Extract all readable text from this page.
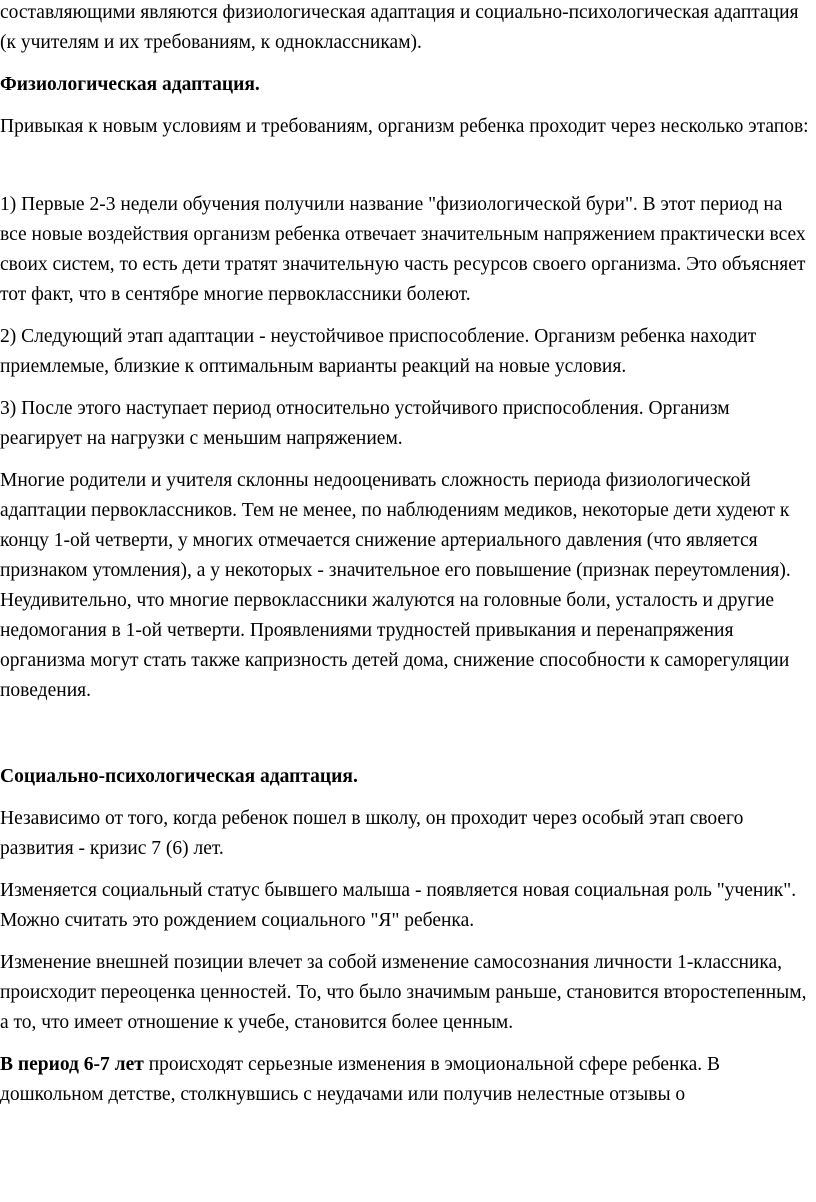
составляющими являются физиологическая адаптация и социально-психологическая адаптация (к учителям и их требованиям, к одноклассникам).

Физиологическая адаптация.

Привыкая к новым условиям и требованиям, организм ребенка проходит через несколько этапов:

1) Первые 2-3 недели обучения получили название "физиологической бури". В этот период на все новые воздействия организм ребенка отвечает значительным напряжением практически всех своих систем, то есть дети тратят значительную часть ресурсов своего организма. Это объясняет тот факт, что в сентябре многие первоклассники болеют.

2) Следующий этап адаптации - неустойчивое приспособление. Организм ребенка находит приемлемые, близкие к оптимальным варианты реакций на новые условия.

3) После этого наступает период относительно устойчивого приспособления. Организм реагирует на нагрузки с меньшим напряжением.

Многие родители и учителя склонны недооценивать сложность периода физиологической адаптации первоклассников. Тем не менее, по наблюдениям медиков, некоторые дети худеют к концу 1-ой четверти, у многих отмечается снижение артериального давления (что является признаком утомления), а у некоторых - значительное его повышение (признак переутомления). Неудивительно, что многие первоклассники жалуются на головные боли, усталость и другие недомогания в 1-ой четверти. Проявлениями трудностей привыкания и перенапряжения организма могут стать также капризность детей дома, снижение способности к саморегуляции поведения.

Социально-психологическая адаптация.

Независимо от того, когда ребенок пошел в школу, он проходит через особый этап своего развития - кризис 7 (6) лет.

Изменяется социальный статус бывшего малыша - появляется новая социальная роль "ученик". Можно считать это рождением социального "Я" ребенка.

Изменение внешней позиции влечет за собой изменение самосознания личности 1-классника, происходит переоценка ценностей. То, что было значимым раньше, становится второстепенным, а то, что имеет отношение к учебе, становится более ценным.

В период 6-7 лет происходят серьезные изменения в эмоциональной сфере ребенка. В дошкольном детстве, столкнувшись с неудачами или получив нелестные отзывы о
